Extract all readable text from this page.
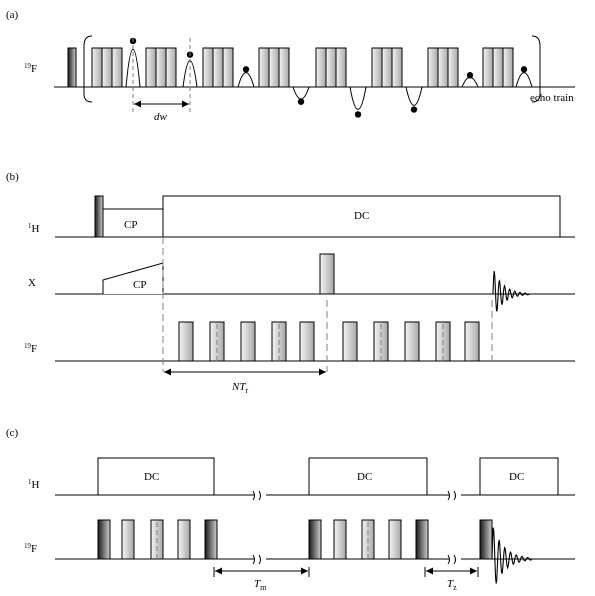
(a)
$^{19}$F
dw
echo train
(b)
$^1$H	CP
DC
X	CP
$^{19}$F
$NT_r$
(c)
$^1$H
DC	DC	DC
$^{19}$F
$T_m$	$T_z$
